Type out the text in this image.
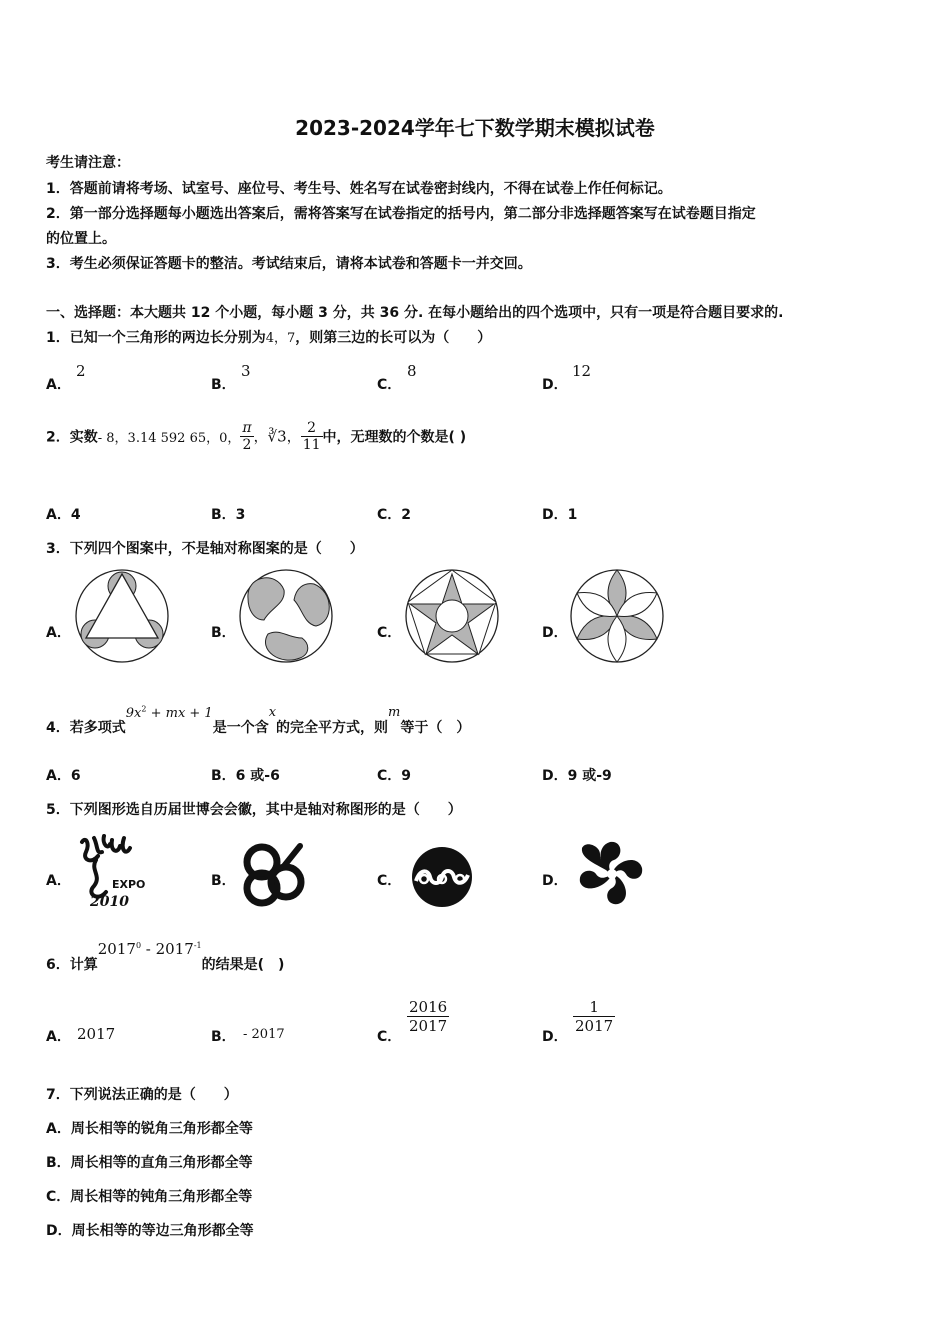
2023-2024学年七下数学期末模拟试卷
考生请注意：
1．答题前请将考场、试室号、座位号、考生号、姓名写在试卷密封线内，不得在试卷上作任何标记。
2．第一部分选择题每小题选出答案后，需将答案写在试卷指定的括号内，第二部分非选择题答案写在试卷题目指定
的位置上。
3．考生必须保证答题卡的整洁。考试结束后，请将本试卷和答题卡一并交回。
一、选择题：本大题共 12 个小题，每小题 3 分，共 36 分. 在每小题给出的四个选项中，只有一项是符合题目要求的.
1．已知一个三角形的两边长分别为4，7，则第三边的长可以为（　　）
A．
2
B．
3
C．
8
D．
12
2．实数- 8，3.14 592 65，0， $\frac{\pi}{2}$ ，∛3， $\frac{2}{11}$ 中，无理数的个数是( )
A．4	B．3	C．2	D．1
3．下列四个图案中，不是轴对称图案的是（　　）
A．	B．	C．	D．
4．若多项式$9x^2$ + mx + 1是一个含x的完全平方式，则m等于（　）
A．6	B．6 或-6	C．9	D．9 或-9
5．下列图形选自历届世博会会徽，其中是轴对称图形的是（　　）
A．	EXPO
2010
B．	C．	D．
6．计算$2017^0 - 2017^{-1}$的结果是(　)
A． 2017	B． - 2017	C．
$\frac{2016}{2017}$
D．
$\frac{1}{2017}$
7．下列说法正确的是（　　）
A．周长相等的锐角三角形都全等
B．周长相等的直角三角形都全等
C．周长相等的钝角三角形都全等
D．周长相等的等边三角形都全等
